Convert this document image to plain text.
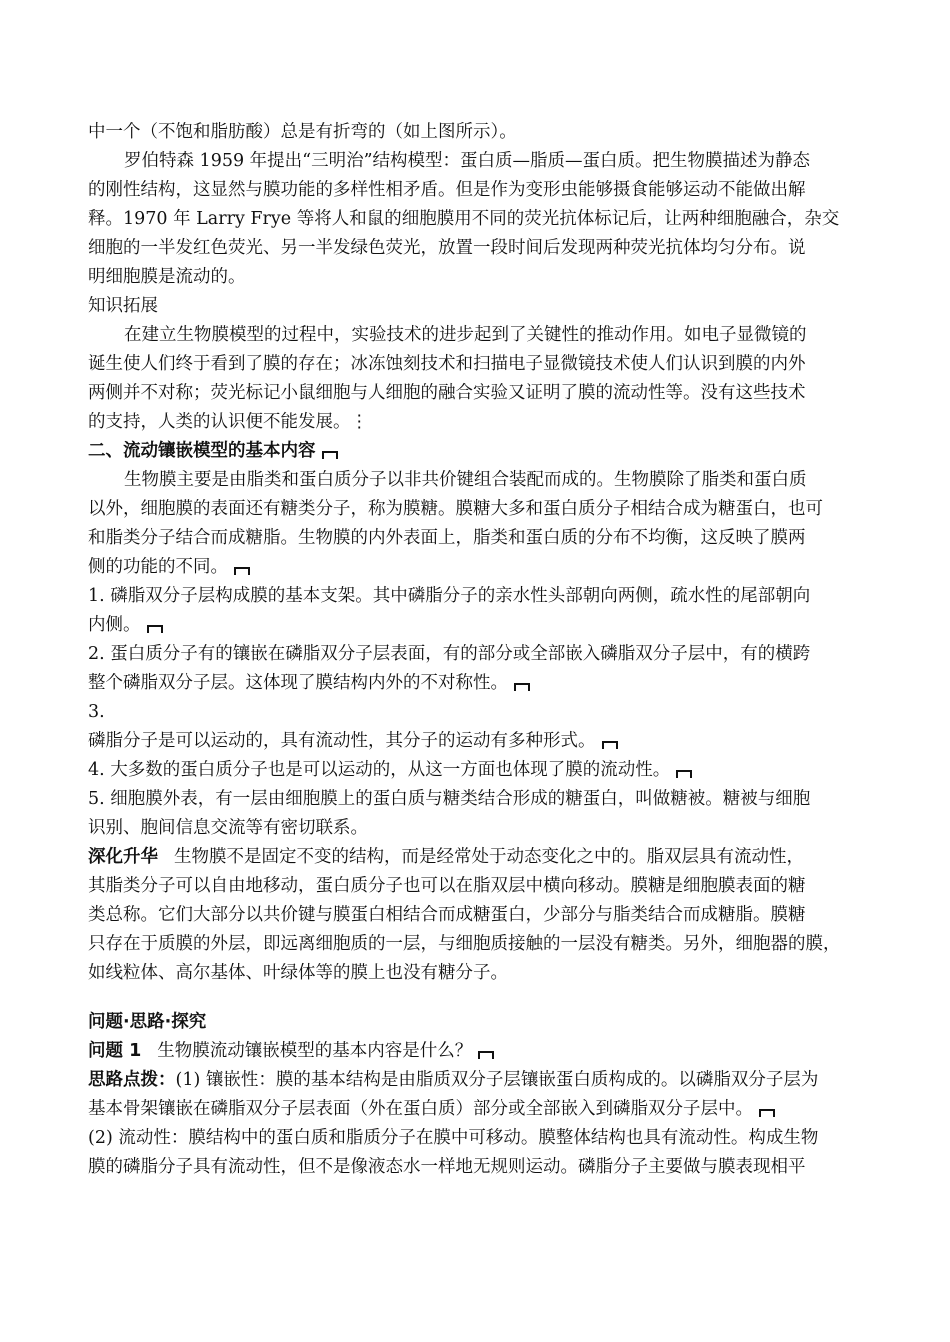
中一个（不饱和脂肪酸）总是有折弯的（如上图所示）。
罗伯特森 1959 年提出“三明治”结构模型：蛋白质—脂质—蛋白质。把生物膜描述为静态
的刚性结构，这显然与膜功能的多样性相矛盾。但是作为变形虫能够摄食能够运动不能做出解
释。1970 年 Larry Frye 等将人和鼠的细胞膜用不同的荧光抗体标记后，让两种细胞融合，杂交
细胞的一半发红色荧光、另一半发绿色荧光，放置一段时间后发现两种荧光抗体均匀分布。说
明细胞膜是流动的。
知识拓展
在建立生物膜模型的过程中，实验技术的进步起到了关键性的推动作用。如电子显微镜的
诞生使人们终于看到了膜的存在；冰冻蚀刻技术和扫描电子显微镜技术使人们认识到膜的内外
两侧并不对称；荧光标记小鼠细胞与人细胞的融合实验又证明了膜的流动性等。没有这些技术
的支持，人类的认识便不能发展。⋮
二、流动镶嵌模型的基本内容
生物膜主要是由脂类和蛋白质分子以非共价键组合装配而成的。生物膜除了脂类和蛋白质
以外，细胞膜的表面还有糖类分子，称为膜糖。膜糖大多和蛋白质分子相结合成为糖蛋白，也可
和脂类分子结合而成糖脂。生物膜的内外表面上，脂类和蛋白质的分布不均衡，这反映了膜两
侧的功能的不同。
1. 磷脂双分子层构成膜的基本支架。其中磷脂分子的亲水性头部朝向两侧，疏水性的尾部朝向
内侧。
2. 蛋白质分子有的镶嵌在磷脂双分子层表面，有的部分或全部嵌入磷脂双分子层中，有的横跨
整个磷脂双分子层。这体现了膜结构内外的不对称性。
3.
磷脂分子是可以运动的，具有流动性，其分子的运动有多种形式。
4. 大多数的蛋白质分子也是可以运动的，从这一方面也体现了膜的流动性。
5. 细胞膜外表，有一层由细胞膜上的蛋白质与糖类结合形成的糖蛋白，叫做糖被。糖被与细胞
识别、胞间信息交流等有密切联系。
深化升华 生物膜不是固定不变的结构，而是经常处于动态变化之中的。脂双层具有流动性，
其脂类分子可以自由地移动，蛋白质分子也可以在脂双层中横向移动。膜糖是细胞膜表面的糖
类总称。它们大部分以共价键与膜蛋白相结合而成糖蛋白，少部分与脂类结合而成糖脂。膜糖
只存在于质膜的外层，即远离细胞质的一层，与细胞质接触的一层没有糖类。另外，细胞器的膜，
如线粒体、高尔基体、叶绿体等的膜上也没有糖分子。
问题·思路·探究
问题 1 生物膜流动镶嵌模型的基本内容是什么？
思路点拨：(1) 镶嵌性：膜的基本结构是由脂质双分子层镶嵌蛋白质构成的。以磷脂双分子层为
基本骨架镶嵌在磷脂双分子层表面（外在蛋白质）部分或全部嵌入到磷脂双分子层中。
(2) 流动性：膜结构中的蛋白质和脂质分子在膜中可移动。膜整体结构也具有流动性。构成生物
膜的磷脂分子具有流动性，但不是像液态水一样地无规则运动。磷脂分子主要做与膜表现相平
